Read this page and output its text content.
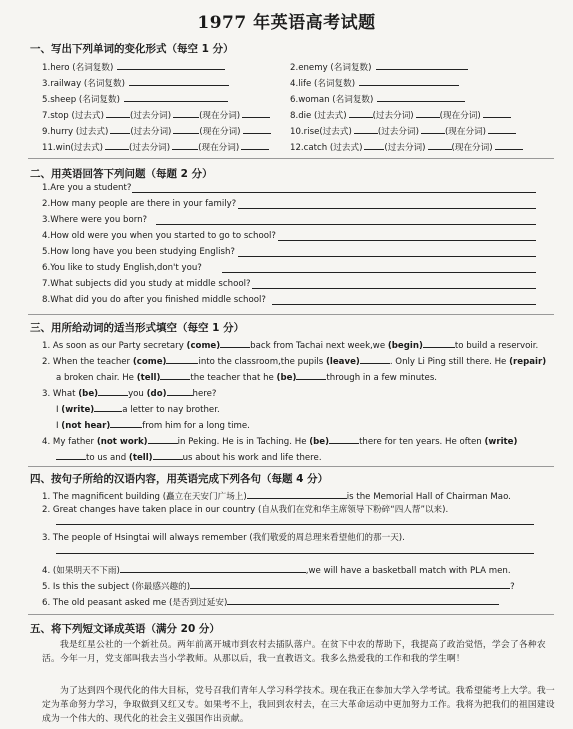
1977 年英语高考试题
一、写出下列单词的变化形式（每空 1 分）
1.hero (名词复数)	2.enemy (名词复数)
3.railway (名词复数)	4.life (名词复数)
5.sheep (名词复数)	6.woman (名词复数)
7.stop (过去式)	(过去分词)	(现在分词)	8.die (过去式)	(过去分词)	(现在分词)
9.hurry (过去式)	(过去分词)	(现在分词)	10.rise(过去式)	(过去分词)	(现在分词)
11.win(过去式)	(过去分词)	(现在分词)	12.catch (过去式)	(过去分词)	(现在分词)
二、用英语回答下列问题（每题 2 分）
1.Are you a student?
2.How many people are there in your family?
3.Where were you born?
4.How old were you when you started to go to school?
5.How long have you been studying English?
6.You like to study English,don't you?
7.What subjects did you study at middle school?
8.What did you do after you finished middle school?
三、用所给动词的适当形式填空（每空 1 分）
1. As soon as our Party secretary (come)	back from Tachai next week,we (begin)	to build a reservoir.
2. When the teacher (come)	into the classroom,the pupils (leave)	. Only Li Ping still there. He (repair)
a broken chair. He (tell)	the teacher that he (be)	through in a few minutes.
3. What (be)	you (do)	here?
I (write)	a letter to nay brother.
I (not hear)	from him for a long time.
4. My father (not work)	in Peking. He is in Taching. He (be)	there for ten years. He often (write)
to us and (tell)	us about his work and life there.
四、按句子所给的汉语内容，用英语完成下列各句（每题 4 分）
1. The magnificent building (矗立在天安门广场上)	is the Memorial Hall of Chairman Mao.
2. Great changes have taken place in our country (自从我们在党和华主席领导下粉碎“四人帮”以来).
3. The people of Hsingtai will always remember (我们敬爱的周总理来看望他们的那一天).
4. (如果明天不下雨)	,we will have a basketball match with PLA men.
5. Is this the subject (你最感兴趣的)	?
6. The old peasant asked me (是否到过延安)
五、将下列短文译成英语（满分 20 分）
我是红星公社的一个新社员。两年前离开城市到农村去插队落户。在贫下中农的帮助下，我提高了政治觉悟，学会了各种农活。今年一月，党支部叫我去当小学教师。从那以后，我一直教语文。我多么热爱我的工作和我的学生啊！
为了达到四个现代化的伟大目标，党号召我们青年人学习科学技术。现在我正在参加大学入学考试。我希望能考上大学。我一定为革命努力学习，争取做到又红又专。如果考不上，我回到农村去，在三大革命运动中更加努力工作。我将为把我们的祖国建设成为一个伟大的、现代化的社会主义强国作出贡献。
